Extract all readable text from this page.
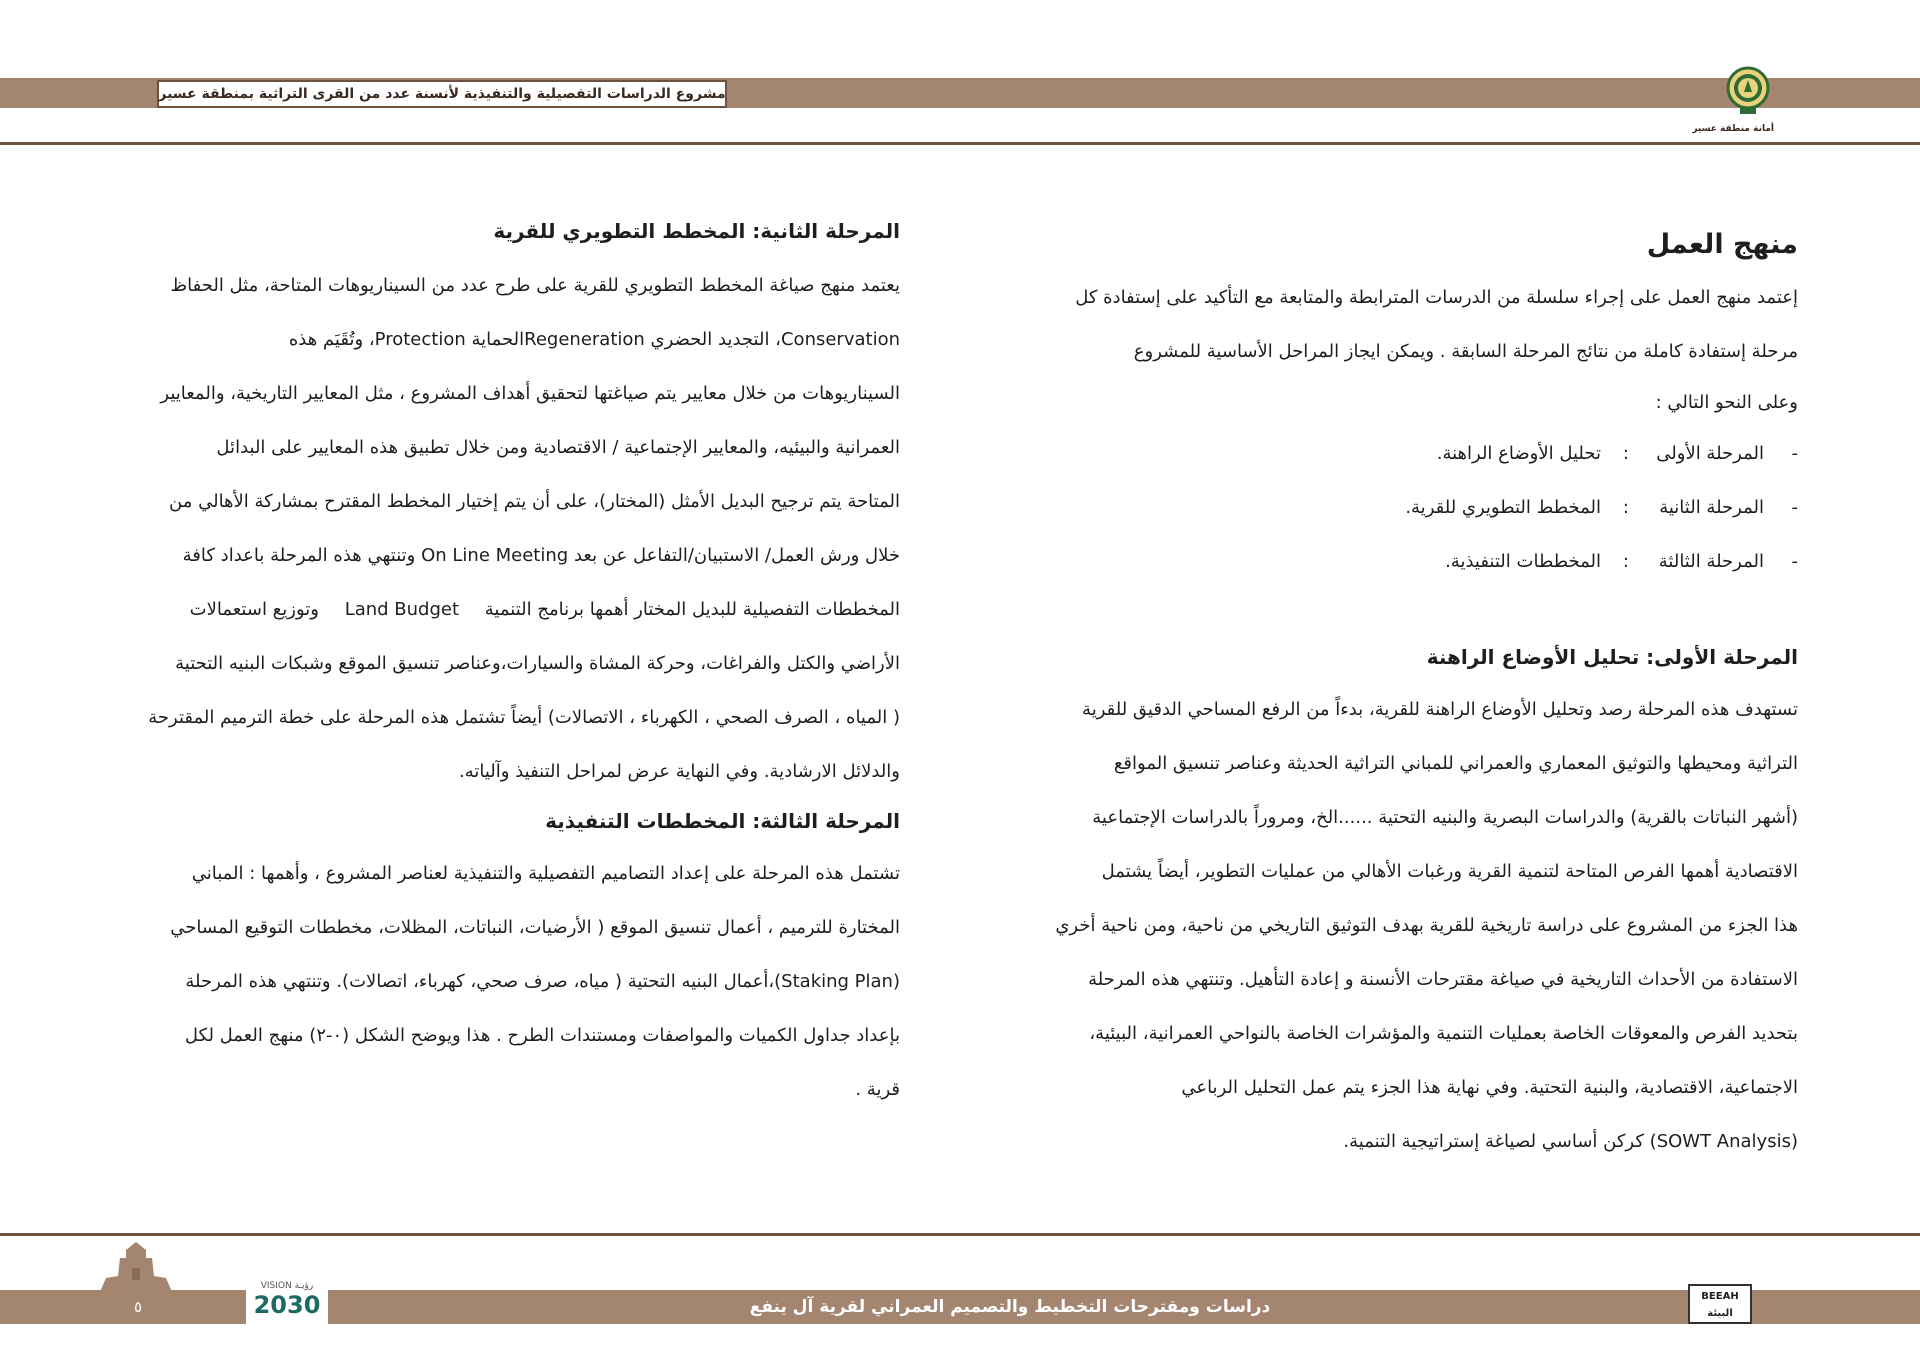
مشروع الدراسات التفصيلية والتنفيذية لأنسنة عدد من القرى التراثية بمنطقة عسير
أمانة منطقة عسير
منهج العمل

إعتمد منهج العمل على إجراء سلسلة من الدرسات المترابطة والمتابعة مع التأكيد على إستفادة كل

مرحلة إستفادة كاملة من نتائج المرحلة السابقة . ويمكن ايجاز المراحل الأساسية للمشروع

وعلى النحو التالي :

-المرحلة الأولى:تحليل الأوضاع الراهنة.
-المرحلة الثانية:المخطط التطويري للقرية.
-المرحلة الثالثة:المخططات التنفيذية.
المرحلة الأولى: تحليل الأوضاع الراهنة

تستهدف هذه المرحلة رصد وتحليل الأوضاع الراهنة للقرية، بدءاً من الرفع المساحي الدقيق للقرية

التراثية ومحيطها والتوثيق المعماري والعمراني للمباني التراثية الحديثة وعناصر تنسيق المواقع

(أشهر النباتات بالقرية) والدراسات البصرية والبنيه التحتية ......الخ، ومروراً بالدراسات الإجتماعية

الاقتصادية أهمها الفرص المتاحة لتنمية القرية ورغبات الأهالي من عمليات التطوير، أيضاً يشتمل

هذا الجزء من المشروع على دراسة تاريخية للقرية بهدف التوثيق التاريخي من ناحية، ومن ناحية أخري

الاستفادة من الأحداث التاريخية في صياغة مقترحات الأنسنة و إعادة التأهيل. وتنتهي هذه المرحلة

بتحديد الفرص والمعوقات الخاصة بعمليات التنمية والمؤشرات الخاصة بالنواحي العمرانية، البيئية،

الاجتماعية، الاقتصادية، والبنية التحتية. وفي نهاية هذا الجزء يتم عمل التحليل الرباعي

(SOWT Analysis) كركن أساسي لصياغة إستراتيجية التنمية.

المرحلة الثانية: المخطط التطويري للقرية

يعتمد منهج صياغة المخطط التطويري للقرية على طرح عدد من السيناريوهات المتاحة، مثل الحفاظ

Conservation، التجديد الحضري Regenerationالحماية Protection، وتُقَيَم هذه

السيناريوهات من خلال معايير يتم صياغتها لتحقيق أهداف المشروع ، مثل المعايير التاريخية، والمعايير

العمرانية والبيئيه، والمعايير الإجتماعية / الاقتصادية ومن خلال تطبيق هذه المعايير على البدائل

المتاحة يتم ترجيح البديل الأمثل (المختار)، على أن يتم إختيار المخطط المقترح بمشاركة الأهالي من

خلال ورش العمل/ الاستبيان/التفاعل عن بعد On Line Meeting وتنتهي هذه المرحلة باعداد كافة

المخططات التفصيلية للبديل المختار أهمها برنامج التنمية Land Budget وتوزيع استعمالات

الأراضي والكتل والفراغات، وحركة المشاة والسيارات،وعناصر تنسيق الموقع وشبكات البنيه التحتية

( المياه ، الصرف الصحي ، الكهرباء ، الاتصالات) أيضاً تشتمل هذه المرحلة على خطة الترميم المقترحة

والدلائل الارشادية. وفي النهاية عرض لمراحل التنفيذ وآلياته.

المرحلة الثالثة: المخططات التنفيذية

تشتمل هذه المرحلة على إعداد التصاميم التفصيلية والتنفيذية لعناصر المشروع ، وأهمها : المباني

المختارة للترميم ، أعمال تنسيق الموقع ( الأرضيات، النباتات، المظلات، مخططات التوقيع المساحي

(Staking Plan)،أعمال البنيه التحتية ( مياه، صرف صحي، كهرباء، اتصالات). وتنتهي هذه المرحلة

بإعداد جداول الكميات والمواصفات ومستندات الطرح . هذا ويوضح الشكل (٠-٢) منهج العمل لكل

قرية .

٥
رؤيـة VISION
2030	دراسات ومقترحات التخطيط والتصميم العمراني لقرية آل ينفع
BEEAH البيئة
